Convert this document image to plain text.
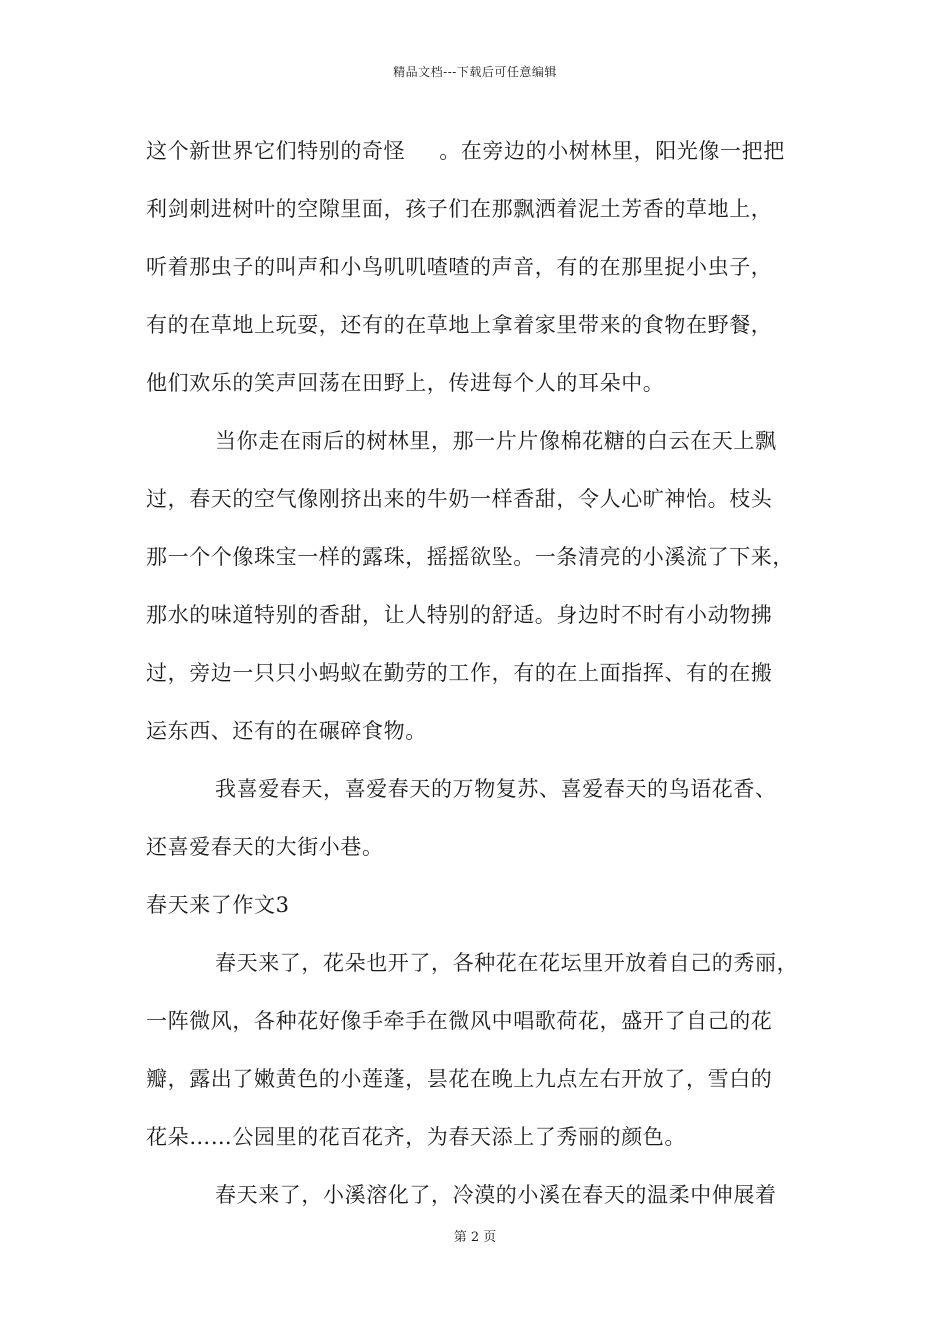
精品文档---下载后可任意编辑
这个新世界它们特别的奇怪 。在旁边的小树林里，阳光像一把把
利剑刺进树叶的空隙里面，孩子们在那飘洒着泥土芳香的草地上，
听着那虫子的叫声和小鸟叽叽喳喳的声音，有的在那里捉小虫子，
有的在草地上玩耍，还有的在草地上拿着家里带来的食物在野餐，
他们欢乐的笑声回荡在田野上，传进每个人的耳朵中。
当你走在雨后的树林里，那一片片像棉花糖的白云在天上飘
过，春天的空气像刚挤出来的牛奶一样香甜，令人心旷神怡。枝头
那一个个像珠宝一样的露珠，摇摇欲坠。一条清亮的小溪流了下来，
那水的味道特别的香甜，让人特别的舒适。身边时不时有小动物拂
过，旁边一只只小蚂蚁在勤劳的工作，有的在上面指挥、有的在搬
运东西、还有的在碾碎食物。
我喜爱春天，喜爱春天的万物复苏、喜爱春天的鸟语花香、
还喜爱春天的大街小巷。
春天来了作文3
春天来了，花朵也开了，各种花在花坛里开放着自己的秀丽，
一阵微风，各种花好像手牵手在微风中唱歌荷花，盛开了自己的花
瓣，露出了嫩黄色的小莲蓬，昙花在晚上九点左右开放了，雪白的
花朵……公园里的花百花齐，为春天添上了秀丽的颜色。
春天来了，小溪溶化了，冷漠的小溪在春天的温柔中伸展着
第 2 页
